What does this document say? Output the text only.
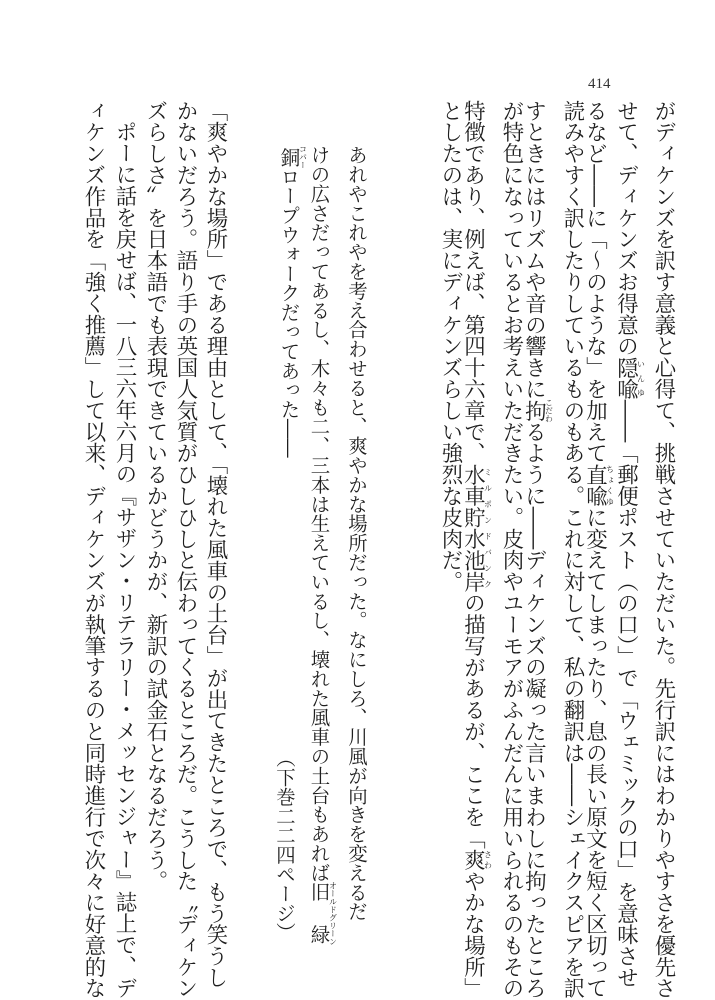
414
がディケンズを訳す意義と心得て、挑戦させていただいた。先行訳にはわかりやすさを優先さ
せて、ディケンズお得意の隠喩いんゆ――「郵便ポスト（の口）」で「ウェミックの口」を意味させ
るなど――に「～のような」を加えて直喩ちょくゆに変えてしまったり、息の長い原文を短く区切って
読みやすく訳したりしているものもある。これに対して、私の翻訳は――シェイクスピアを訳
すときにはリズムや音の響きに拘こだわるように――ディケンズの凝った言いまわしに拘ったところ
が特色になっているとお考えいただきたい。皮肉やユーモアがふんだんに用いられるのもその
特徴であり、例えば、第四十六章で、水車貯水池岸ミルポンドバンクの描写があるが、ここを「爽さわやかな場所」
としたのは、実にディケンズらしい強烈な皮肉だ。
あれやこれやを考え合わせると、爽やかな場所だった。なにしろ、川風が向きを変えるだ
けの広さだってあるし、木々も二、三本は生えているし、壊れた風車の土台もあれば旧　緑オールドグリーン
銅コパーロープウォークだってあった――
「爽やかな場所」である理由として、「壊れた風車の土台」が出てきたところで、もう笑うし
かないだろう。語り手の英国人気質がひしひしと伝わってくるところだ。こうした〝ディケン
ズらしさ〟を日本語でも表現できているかどうかが、新訳の試金石となるだろう。
ポーに話を戻せば、一八三六年六月の『サザン・リテラリー・メッセンジャー』誌上で、デ
ィケンズ作品を「強く推薦」して以来、ディケンズが執筆するのと同時進行で次々に好意的な	（下巻二二四ページ）
